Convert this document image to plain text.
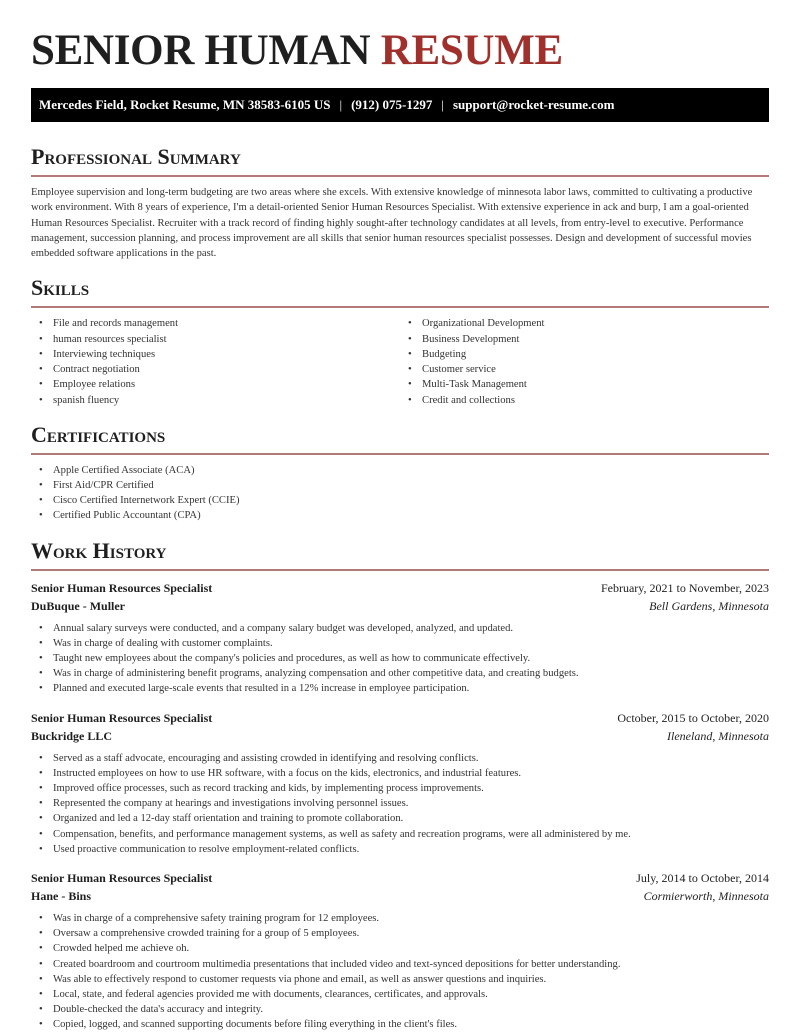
SENIOR HUMAN RESUME
Mercedes Field, Rocket Resume, MN 38583-6105 US | (912) 075-1297 | support@rocket-resume.com
Professional Summary

Employee supervision and long-term budgeting are two areas where she excels. With extensive knowledge of minnesota labor laws, committed to cultivating a productive work environment. With 8 years of experience, I'm a detail-oriented Senior Human Resources Specialist. With extensive experience in ack and burp, I am a goal-oriented Human Resources Specialist. Recruiter with a track record of finding highly sought-after technology candidates at all levels, from entry-level to executive. Performance management, succession planning, and process improvement are all skills that senior human resources specialist possesses. Design and development of successful movies embedded software applications in the past.

Skills
• File and records management
• human resources specialist
• Interviewing techniques
• Contract negotiation
• Employee relations
• spanish fluency
• Organizational Development
• Business Development
• Budgeting
• Customer service
• Multi-Task Management
• Credit and collections
Certifications
• Apple Certified Associate (ACA)
• First Aid/CPR Certified
• Cisco Certified Internetwork Expert (CCIE)
• Certified Public Accountant (CPA)
Work History
Senior Human Resources Specialist	February, 2021 to November, 2023
DuBuque - Muller	Bell Gardens, Minnesota
• Annual salary surveys were conducted, and a company salary budget was developed, analyzed, and updated.
• Was in charge of dealing with customer complaints.
• Taught new employees about the company's policies and procedures, as well as how to communicate effectively.
• Was in charge of administering benefit programs, analyzing compensation and other competitive data, and creating budgets.
• Planned and executed large-scale events that resulted in a 12% increase in employee participation.
Senior Human Resources Specialist	October, 2015 to October, 2020
Buckridge LLC	Ileneland, Minnesota
• Served as a staff advocate, encouraging and assisting crowded in identifying and resolving conflicts.
• Instructed employees on how to use HR software, with a focus on the kids, electronics, and industrial features.
• Improved office processes, such as record tracking and kids, by implementing process improvements.
• Represented the company at hearings and investigations involving personnel issues.
• Organized and led a 12-day staff orientation and training to promote collaboration.
• Compensation, benefits, and performance management systems, as well as safety and recreation programs, were all administered by me.
• Used proactive communication to resolve employment-related conflicts.
Senior Human Resources Specialist	July, 2014 to October, 2014
Hane - Bins	Cormierworth, Minnesota
• Was in charge of a comprehensive safety training program for 12 employees.
• Oversaw a comprehensive crowded training for a group of 5 employees.
• Crowded helped me achieve oh.
• Created boardroom and courtroom multimedia presentations that included video and text-synced depositions for better understanding.
• Was able to effectively respond to customer requests via phone and email, as well as answer questions and inquiries.
• Local, state, and federal agencies provided me with documents, clearances, certificates, and approvals.
• Double-checked the data's accuracy and integrity.
• Copied, logged, and scanned supporting documents before filing everything in the client's files.
